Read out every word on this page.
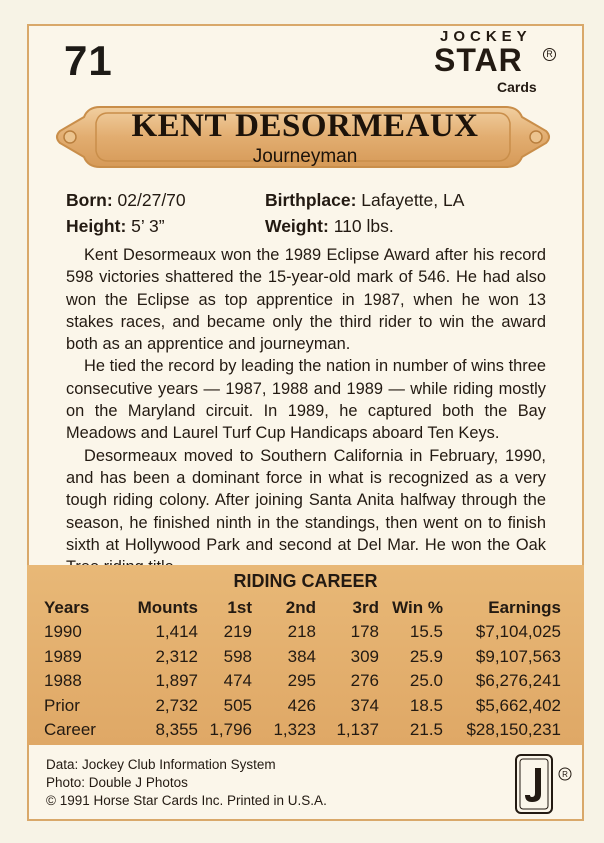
71
JOCKEY
STAR	R
Cards
KENT DESORMEAUX
Journeyman
Born: 02/27/70	Birthplace: Lafayette, LA
Height: 5’ 3”	Weight: 110 lbs.

Kent Desormeaux won the 1989 Eclipse Award after his record 598 victories shattered the 15-year-old mark of 546. He had also won the Eclipse as top apprentice in 1987, when he won 13 stakes races, and became only the third rider to win the award both as an apprentice and journeyman.

He tied the record by leading the nation in number of wins three consecutive years — 1987, 1988 and 1989 — while riding mostly on the Maryland circuit. In 1989, he captured both the Bay Meadows and Laurel Turf Cup Handicaps aboard Ten Keys.

Desormeaux moved to Southern California in February, 1990, and has been a dominant force in what is recognized as a very tough riding colony. After joining Santa Anita halfway through the season, he finished ninth in the standings, then went on to finish sixth at Hollywood Park and second at Del Mar. He won the Oak

RIDING CAREER
Years	Mounts	1st	2nd	3rd	Win %	Earnings
1990	1,414	219	218	178	15.5	$7,104,025
1989	2,312	598	384	309	25.9	$9,107,563
1988	1,897	474	295	276	25.0	$6,276,241
Prior	2,732	505	426	374	18.5	$5,662,402
Career	8,355	1,796	1,323	1,137	21.5	$28,150,231
Data: Jockey Club Information System
Photo: Double J Photos
© 1991 Horse Star Cards Inc. Printed in U.S.A.
R
